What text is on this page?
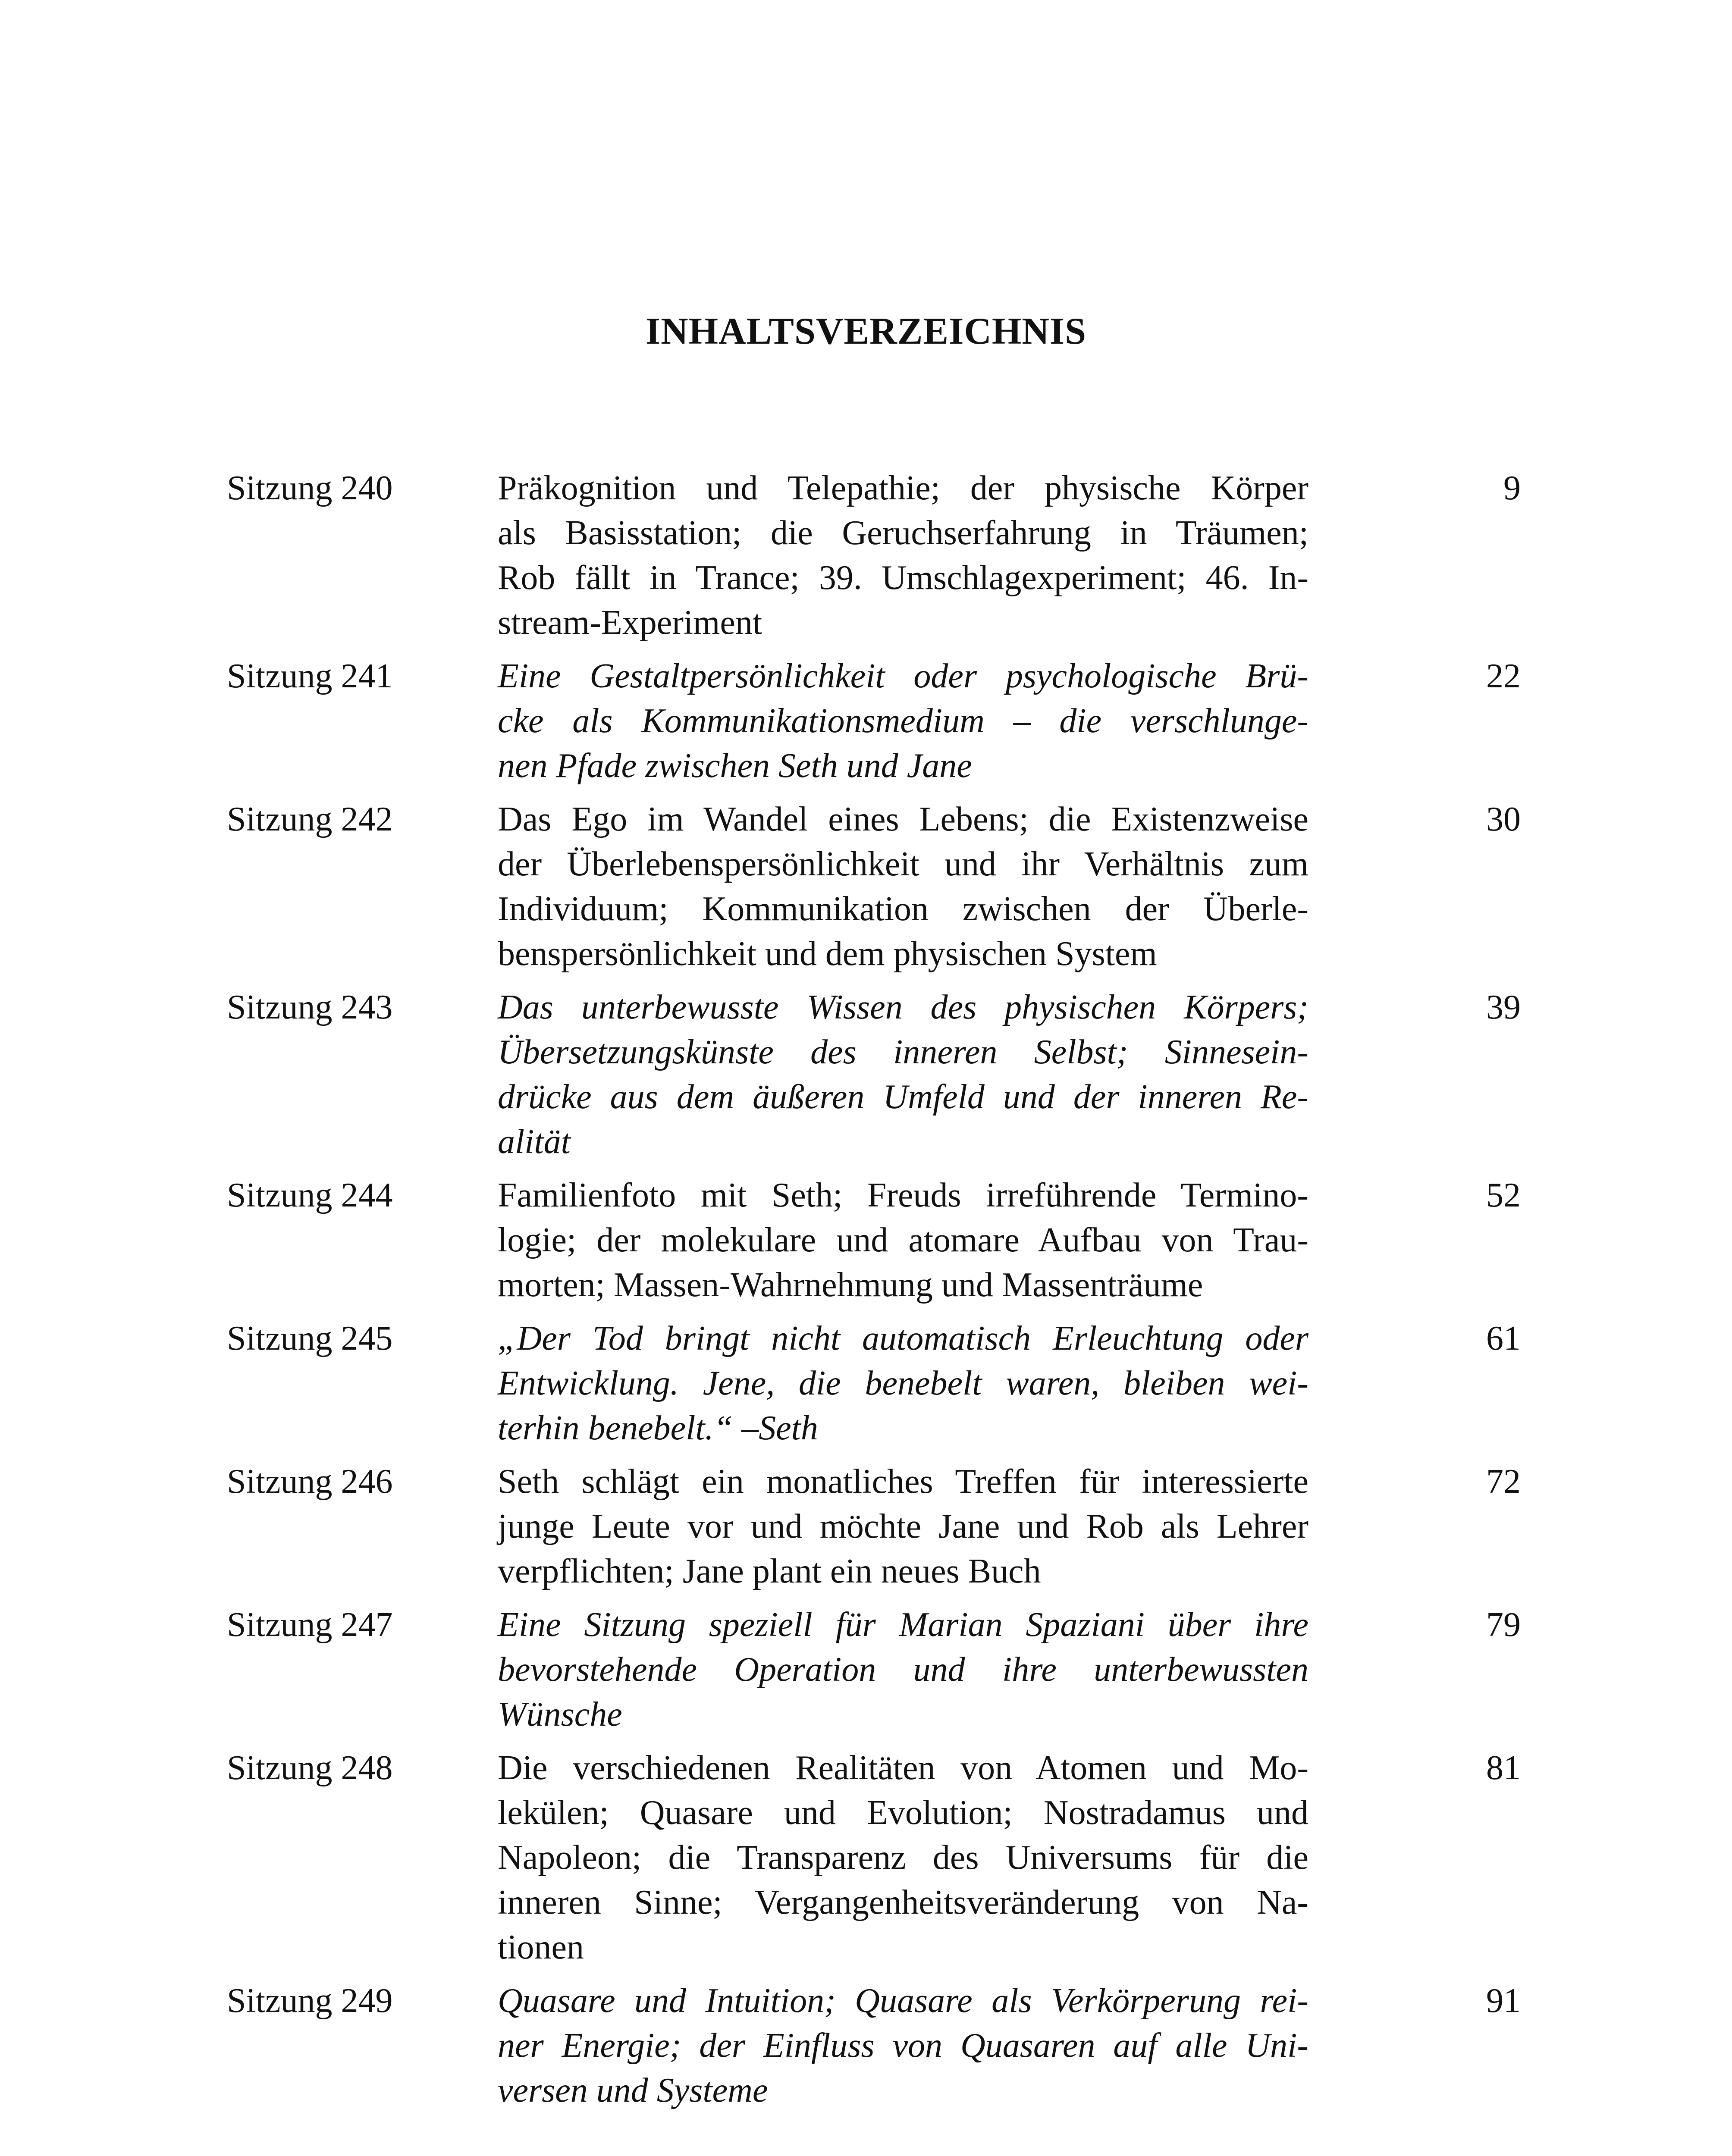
INHALTSVERZEICHNIS
Sitzung 240	Präkognition und Telepathie; der physische Körper
als Basisstation; die Geruchserfahrung in Träumen;
Rob fällt in Trance; 39. Umschlagexperiment; 46. In-
stream-Experiment
9
Sitzung 241	Eine Gestaltpersönlichkeit oder psychologische Brü-
cke als Kommunikationsmedium – die verschlunge-
nen Pfade zwischen Seth und Jane
22
Sitzung 242	Das Ego im Wandel eines Lebens; die Existenzweise
der Überlebenspersönlichkeit und ihr Verhältnis zum
Individuum; Kommunikation zwischen der Überle-
benspersönlichkeit und dem physischen System
30
Sitzung 243	Das unterbewusste Wissen des physischen Körpers;
Übersetzungskünste des inneren Selbst; Sinnesein-
drücke aus dem äußeren Umfeld und der inneren Re-
alität
39
Sitzung 244	Familienfoto mit Seth; Freuds irreführende Termino-
logie; der molekulare und atomare Aufbau von Trau-
morten; Massen-Wahrnehmung und Massenträume
52
Sitzung 245	„Der Tod bringt nicht automatisch Erleuchtung oder
Entwicklung. Jene, die benebelt waren, bleiben wei-
terhin benebelt.“ –Seth
61
Sitzung 246	Seth schlägt ein monatliches Treffen für interessierte
junge Leute vor und möchte Jane und Rob als Lehrer
verpflichten; Jane plant ein neues Buch
72
Sitzung 247	Eine Sitzung speziell für Marian Spaziani über ihre
bevorstehende Operation und ihre unterbewussten
Wünsche
79
Sitzung 248	Die verschiedenen Realitäten von Atomen und Mo-
lekülen; Quasare und Evolution; Nostradamus und
Napoleon; die Transparenz des Universums für die
inneren Sinne; Vergangenheitsveränderung von Na-
tionen
81
Sitzung 249	Quasare und Intuition; Quasare als Verkörperung rei-
ner Energie; der Einfluss von Quasaren auf alle Uni-
versen und Systeme
91
